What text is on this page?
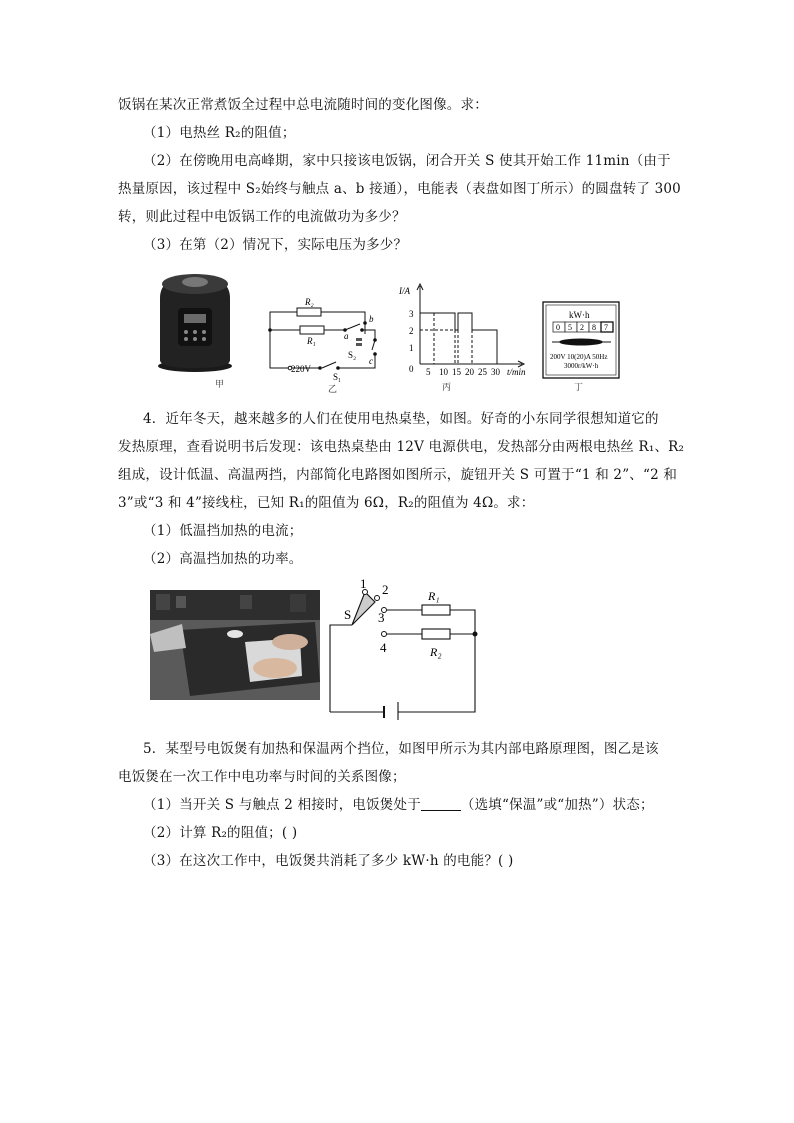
饭锅在某次正常煮饭全过程中总电流随时间的变化图像。求：
（1）电热丝 R₂的阻值；
（2）在傍晚用电高峰期，家中只接该电饭锅，闭合开关 S 使其开始工作 11min（由于
热量原因，该过程中 S₂始终与触点 a、b 接通），电能表（表盘如图丁所示）的圆盘转了 300
转，则此过程中电饭锅工作的电流做功为多少？
（3）在第（2）情况下，实际电压为多少？
甲
R₂
R₁	a
b
c
S₂
S₁
220V
乙
I/A
3
2
1
0 5 10 15 20 25 30 t/min
丙
kW·h
0 5 2 8 7
200V 10(20)A 50Hz
3000r/kW·h
丁
4．近年冬天，越来越多的人们在使用电热桌垫，如图。好奇的小东同学很想知道它的
发热原理，查看说明书后发现：该电热桌垫由 12V 电源供电，发热部分由两根电热丝 R₁、R₂
组成，设计低温、高温两挡，内部简化电路图如图所示，旋钮开关 S 可置于“1 和 2”、“2 和
3”或“3 和 4”接线柱，已知 R₁的阻值为 6Ω，R₂的阻值为 4Ω。求：
（1）低温挡加热的电流；
（2）高温挡加热的功率。
1 2
3
4
S
R₁
R₂
5．某型号电饭煲有加热和保温两个挡位，如图甲所示为其内部电路原理图，图乙是该
电饭煲在一次工作中电功率与时间的关系图像；
（1）当开关 S 与触点 2 相接时，电饭煲处于	（选填“保温”或“加热”）状态；
（2）计算 R₂的阻值；( )
（3）在这次工作中，电饭煲共消耗了多少 kW·h 的电能？( )
